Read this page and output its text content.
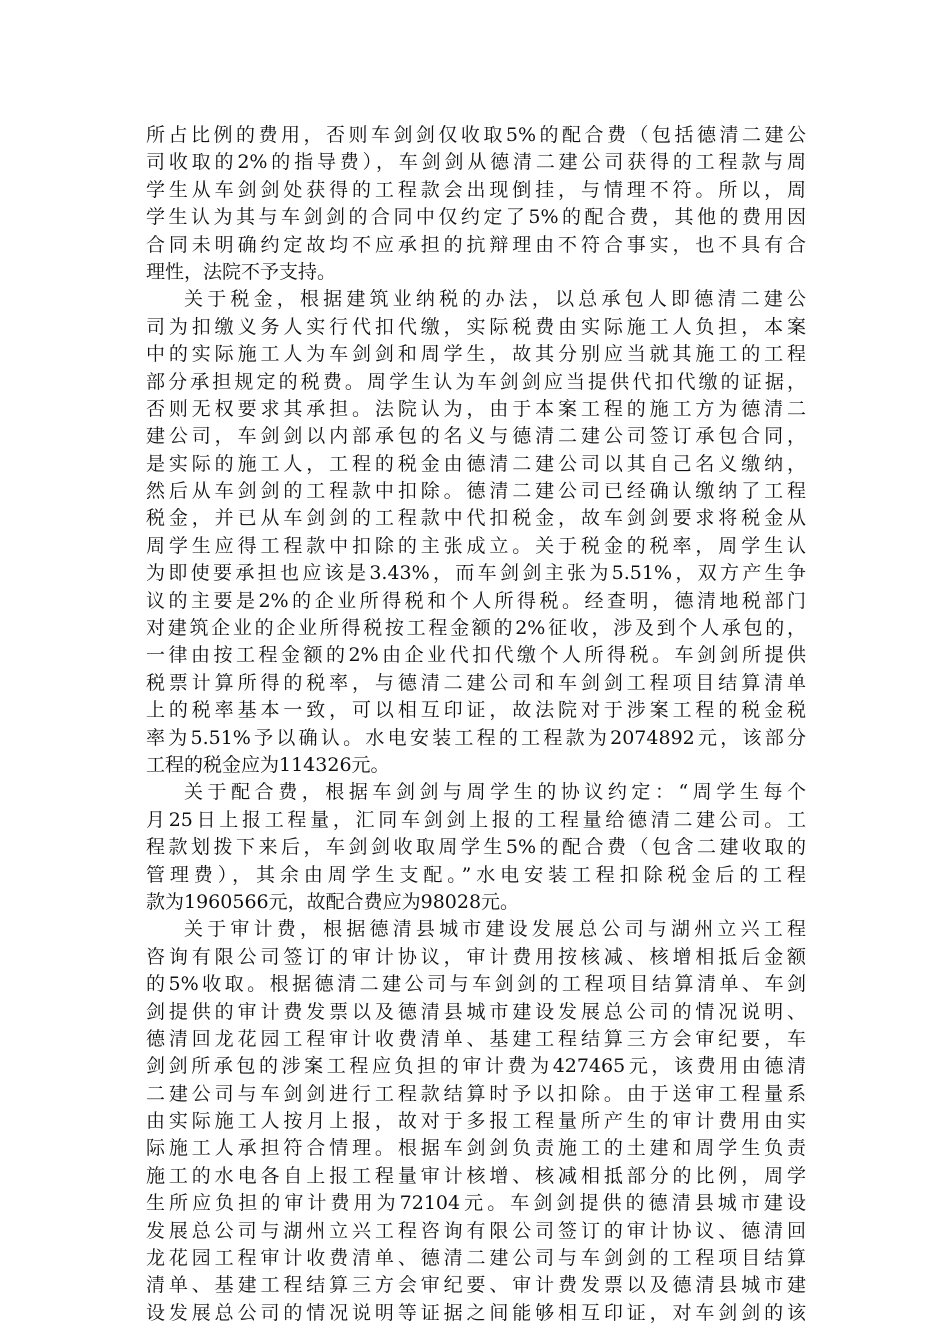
所占比例的费用，否则车剑剑仅收取5%的配合费（包括德清二建公
司收取的2%的指导费），车剑剑从德清二建公司获得的工程款与周
学生从车剑剑处获得的工程款会出现倒挂，与情理不符。所以，周
学生认为其与车剑剑的合同中仅约定了5%的配合费，其他的费用因
合同未明确约定故均不应承担的抗辩理由不符合事实，也不具有合
理性，法院不予支持。
关于税金，根据建筑业纳税的办法，以总承包人即德清二建公
司为扣缴义务人实行代扣代缴，实际税费由实际施工人负担，本案
中的实际施工人为车剑剑和周学生，故其分别应当就其施工的工程
部分承担规定的税费。周学生认为车剑剑应当提供代扣代缴的证据，
否则无权要求其承担。法院认为，由于本案工程的施工方为德清二
建公司，车剑剑以内部承包的名义与德清二建公司签订承包合同，
是实际的施工人，工程的税金由德清二建公司以其自己名义缴纳，
然后从车剑剑的工程款中扣除。德清二建公司已经确认缴纳了工程
税金，并已从车剑剑的工程款中代扣税金，故车剑剑要求将税金从
周学生应得工程款中扣除的主张成立。关于税金的税率，周学生认
为即使要承担也应该是3.43%，而车剑剑主张为5.51%，双方产生争
议的主要是2%的企业所得税和个人所得税。经查明，德清地税部门
对建筑企业的企业所得税按工程金额的2%征收，涉及到个人承包的，
一律由按工程金额的2%由企业代扣代缴个人所得税。车剑剑所提供
税票计算所得的税率，与德清二建公司和车剑剑工程项目结算清单
上的税率基本一致，可以相互印证，故法院对于涉案工程的税金税
率为5.51%予以确认。水电安装工程的工程款为2074892元，该部分
工程的税金应为114326元。
关于配合费，根据车剑剑与周学生的协议约定：“周学生每个
月25日上报工程量，汇同车剑剑上报的工程量给德清二建公司。工
程款划拨下来后，车剑剑收取周学生5%的配合费（包含二建收取的
管理费），其余由周学生支配。”水电安装工程扣除税金后的工程
款为1960566元，故配合费应为98028元。
关于审计费，根据德清县城市建设发展总公司与湖州立兴工程
咨询有限公司签订的审计协议，审计费用按核减、核增相抵后金额
的5%收取。根据德清二建公司与车剑剑的工程项目结算清单、车剑
剑提供的审计费发票以及德清县城市建设发展总公司的情况说明、
德清回龙花园工程审计收费清单、基建工程结算三方会审纪要，车
剑剑所承包的涉案工程应负担的审计费为427465元，该费用由德清
二建公司与车剑剑进行工程款结算时予以扣除。由于送审工程量系
由实际施工人按月上报，故对于多报工程量所产生的审计费用由实
际施工人承担符合情理。根据车剑剑负责施工的土建和周学生负责
施工的水电各自上报工程量审计核增、核减相抵部分的比例，周学
生所应负担的审计费用为72104元。车剑剑提供的德清县城市建设
发展总公司与湖州立兴工程咨询有限公司签订的审计协议、德清回
龙花园工程审计收费清单、德清二建公司与车剑剑的工程项目结算
清单、基建工程结算三方会审纪要、审计费发票以及德清县城市建
设发展总公司的情况说明等证据之间能够相互印证，对车剑剑的该
